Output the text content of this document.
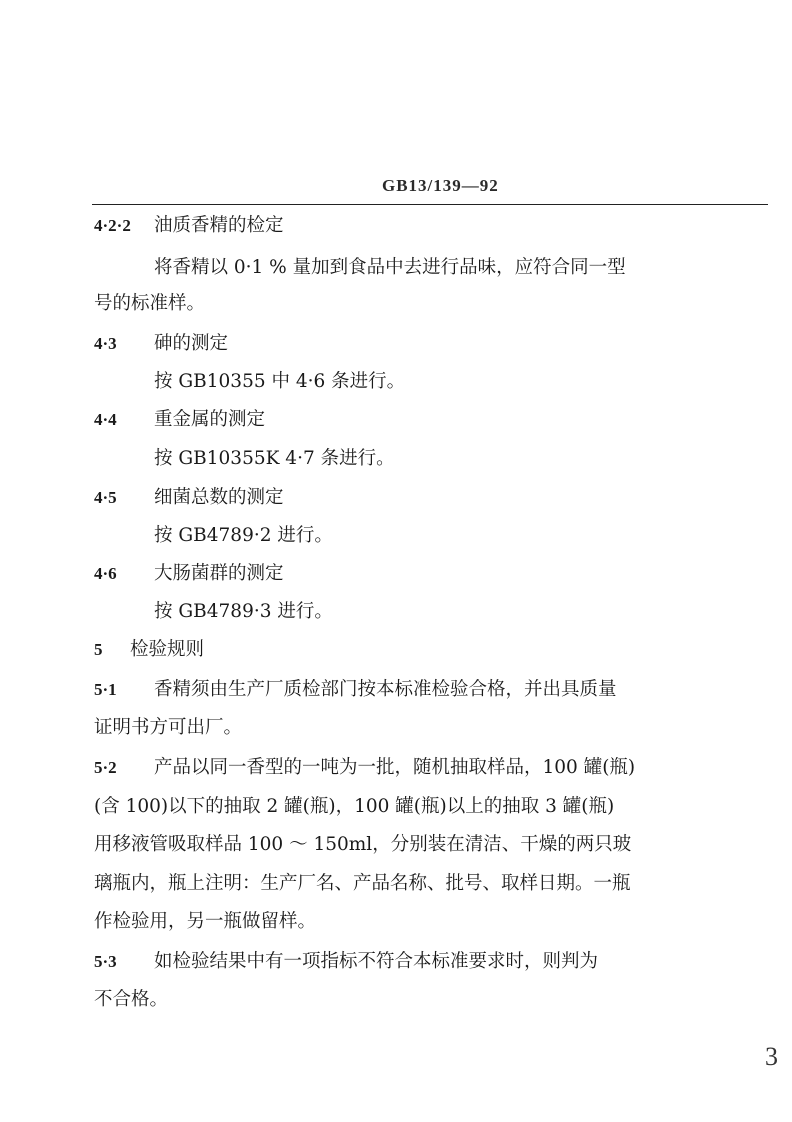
GB13/139—92
4·2·2 油质香精的检定
将香精以 0·1 % 量加到食品中去进行品味，应符合同一型
号的标准样。
4·3 砷的测定
按 GB10355 中 4·6 条进行。
4·4 重金属的测定
按 GB10355K 4·7 条进行。
4·5 细菌总数的测定
按 GB4789·2 进行。
4·6 大肠菌群的测定
按 GB4789·3 进行。
5 检验规则
5·1 香精须由生产厂质检部门按本标准检验合格，并出具质量
证明书方可出厂。
5·2 产品以同一香型的一吨为一批，随机抽取样品，100 罐(瓶)
(含 100)以下的抽取 2 罐(瓶)，100 罐(瓶)以上的抽取 3 罐(瓶)
用移液管吸取样品 100 ～ 150ml，分别装在清洁、干燥的两只玻
璃瓶内，瓶上注明：生产厂名、产品名称、批号、取样日期。一瓶
作检验用，另一瓶做留样。
5·3 如检验结果中有一项指标不符合本标准要求时，则判为
不合格。
3
